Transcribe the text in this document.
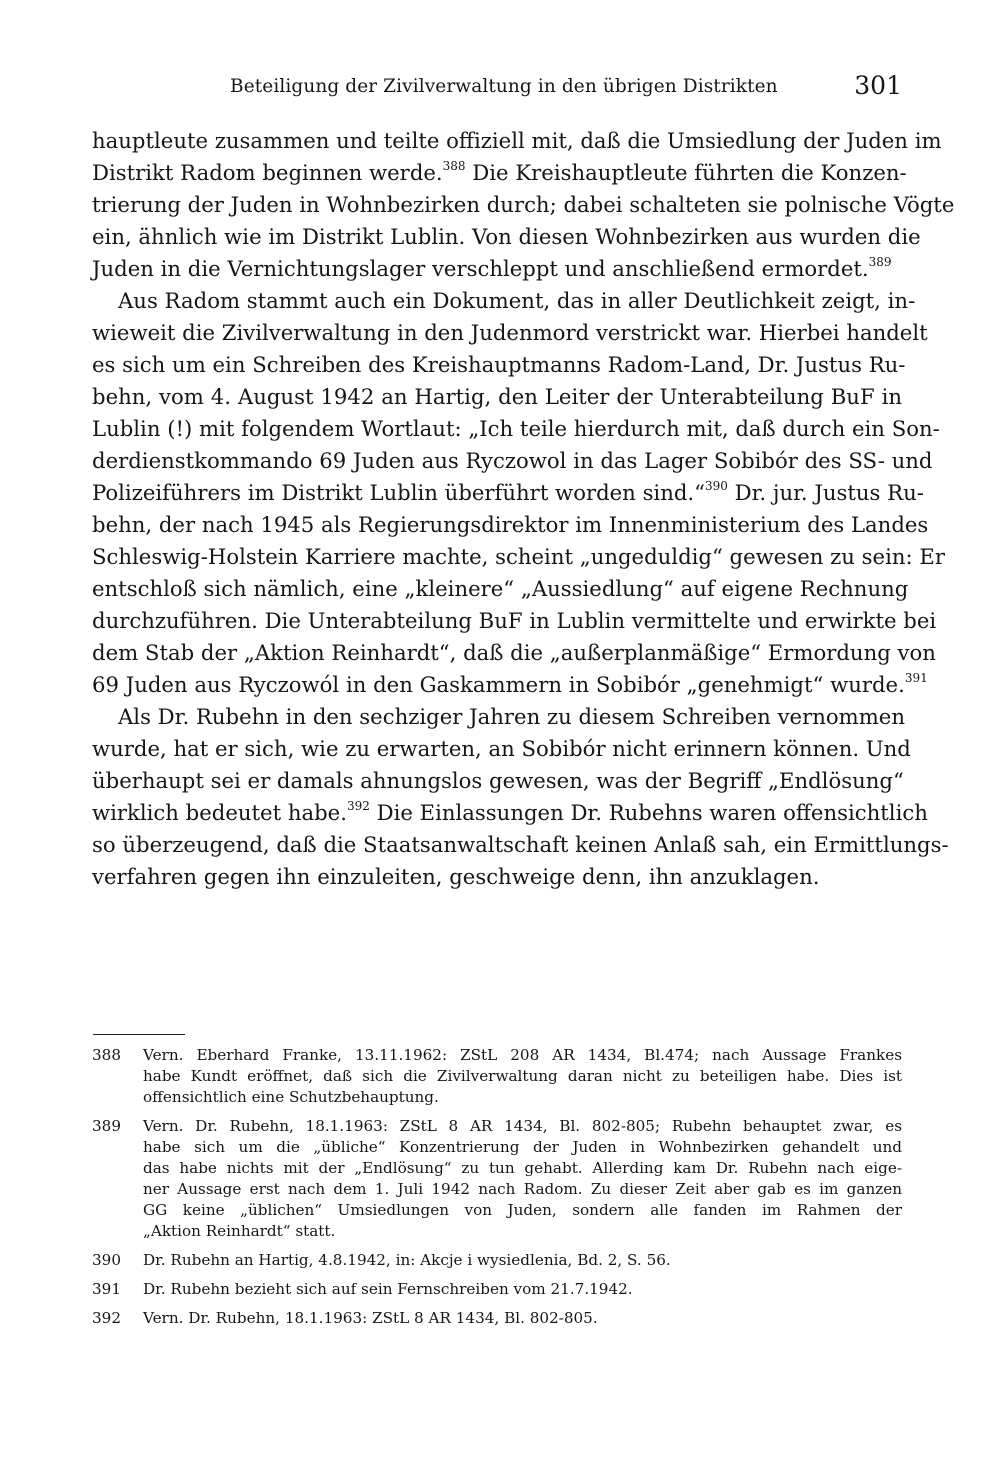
Beteiligung der Zivilverwaltung in den übrigen Distrikten	301
hauptleute zusammen und teilte offiziell mit, daß die Umsiedlung der Juden im
Distrikt Radom beginnen werde.$^{388}$ Die Kreishauptleute führten die Konzen-
trierung der Juden in Wohnbezirken durch; dabei schalteten sie polnische Vögte
ein, ähnlich wie im Distrikt Lublin. Von diesen Wohnbezirken aus wurden die
Juden in die Vernichtungslager verschleppt und anschließend ermordet.$^{389}$
Aus Radom stammt auch ein Dokument, das in aller Deutlichkeit zeigt, in-
wieweit die Zivilverwaltung in den Judenmord verstrickt war. Hierbei handelt
es sich um ein Schreiben des Kreishauptmanns Radom-Land, Dr. Justus Ru-
behn, vom 4. August 1942 an Hartig, den Leiter der Unterabteilung BuF in
Lublin (!) mit folgendem Wortlaut: „Ich teile hierdurch mit, daß durch ein Son-
derdienstkommando 69 Juden aus Ryczowol in das Lager Sobibór des SS- und
Polizeiführers im Distrikt Lublin überführt worden sind.“$^{390}$ Dr. jur. Justus Ru-
behn, der nach 1945 als Regierungsdirektor im Innenministerium des Landes
Schleswig-Holstein Karriere machte, scheint „ungeduldig“ gewesen zu sein: Er
entschloß sich nämlich, eine „kleinere“ „Aussiedlung“ auf eigene Rechnung
durchzuführen. Die Unterabteilung BuF in Lublin vermittelte und erwirkte bei
dem Stab der „Aktion Reinhardt“, daß die „außerplanmäßige“ Ermordung von
69 Juden aus Ryczowól in den Gaskammern in Sobibór „genehmigt“ wurde.$^{391}$
Als Dr. Rubehn in den sechziger Jahren zu diesem Schreiben vernommen
wurde, hat er sich, wie zu erwarten, an Sobibór nicht erinnern können. Und
überhaupt sei er damals ahnungslos gewesen, was der Begriff „Endlösung“
wirklich bedeutet habe.$^{392}$ Die Einlassungen Dr. Rubehns waren offensichtlich
so überzeugend, daß die Staatsanwaltschaft keinen Anlaß sah, ein Ermittlungs-
verfahren gegen ihn einzuleiten, geschweige denn, ihn anzuklagen.
388 Vern. Eberhard Franke, 13.11.1962: ZStL 208 AR 1434, Bl.474; nach Aussage Frankes
habe Kundt eröffnet, daß sich die Zivilverwaltung daran nicht zu beteiligen habe. Dies ist
offensichtlich eine Schutzbehauptung.
389 Vern. Dr. Rubehn, 18.1.1963: ZStL 8 AR 1434, Bl. 802-805; Rubehn behauptet zwar, es
habe sich um die „übliche“ Konzentrierung der Juden in Wohnbezirken gehandelt und
das habe nichts mit der „Endlösung“ zu tun gehabt. Allerding kam Dr. Rubehn nach eige-
ner Aussage erst nach dem 1. Juli 1942 nach Radom. Zu dieser Zeit aber gab es im ganzen
GG keine „üblichen“ Umsiedlungen von Juden, sondern alle fanden im Rahmen der
„Aktion Reinhardt“ statt.
390 Dr. Rubehn an Hartig, 4.8.1942, in: Akcje i wysiedlenia, Bd. 2, S. 56.
391 Dr. Rubehn bezieht sich auf sein Fernschreiben vom 21.7.1942.
392 Vern. Dr. Rubehn, 18.1.1963: ZStL 8 AR 1434, Bl. 802-805.
